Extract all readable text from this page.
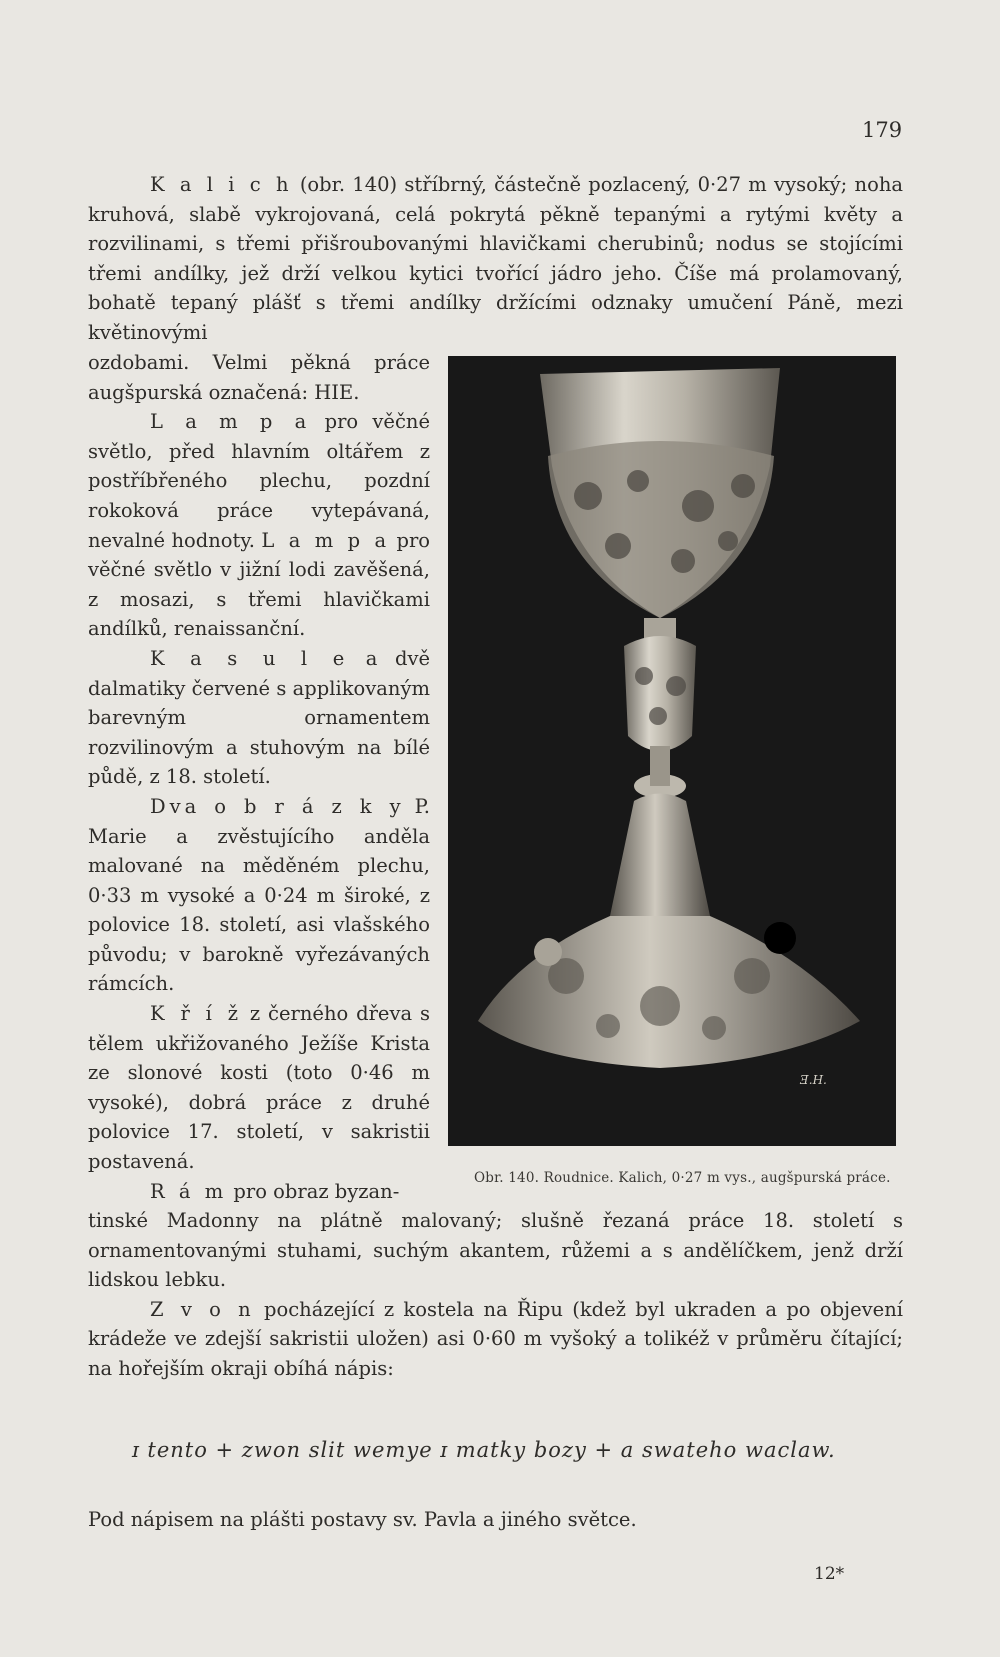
179

K a l i c h (obr. 140) stříbrný, částečně pozlacený, 0·27 m vysoký; noha kruhová, slabě vykrojovaná, celá pokrytá pěkně tepanými a rytými květy a rozvilinami, s třemi přišroubovanými hlavičkami cherubinů; nodus se stojícími třemi andílky, jež drží velkou kytici tvořící jádro jeho. Číše má prolamovaný, bohatě tepaný plášť s třemi andílky držícími odznaky umučení Páně, mezi květinovými

ozdobami. Velmi pěkná práce augšpurská označená: HIE.

L a m p a pro věčné světlo, před hlavním oltářem z postříbřeného plechu, pozdní rokoková práce vytepávaná, nevalné hodnoty. L a m p a pro věčné světlo v jižní lodi zavěšená, z mosazi, s třemi hlavičkami andílků, renaissanční.

K a s u l e a dvě dalmatiky červené s applikovaným barevným ornamentem rozvilinovým a stuhovým na bílé půdě, z 18. století.

Dva o b r á z k y P. Marie a zvěstujícího anděla malované na měděném plechu, 0·33 m vysoké a 0·24 m široké, z polovice 18. století, asi vlašského původu; v barokně vyřezávaných rámcích.

K ř í ž z černého dřeva s tělem ukřižovaného Ježíše Krista ze slonové kosti (toto 0·46 m vysoké), dobrá práce z druhé polovice 17. století, v sakristii postavená.

R á m pro obraz byzan-

Ǝ.H.
Obr. 140. Roudnice. Kalich, 0·27 m vys., augšpurská práce.

tinské Madonny na plátně malovaný; slušně řezaná práce 18. století s ornamentovanými stuhami, suchým akantem, růžemi a s andělíčkem, jenž drží lidskou lebku.

Z v o n pocházející z kostela na Řipu (kdež byl ukraden a po objevení krádeže ve zdejší sakristii uložen) asi 0·60 m vyšoký a tolikéž v průměru čítající; na hořejším okraji obíhá nápis:

ɪ tento + zwon slit wemye ɪ matky bozy + a swateho waclaw.
Pod nápisem na plášti postavy sv. Pavla a jiného světce.
12*
